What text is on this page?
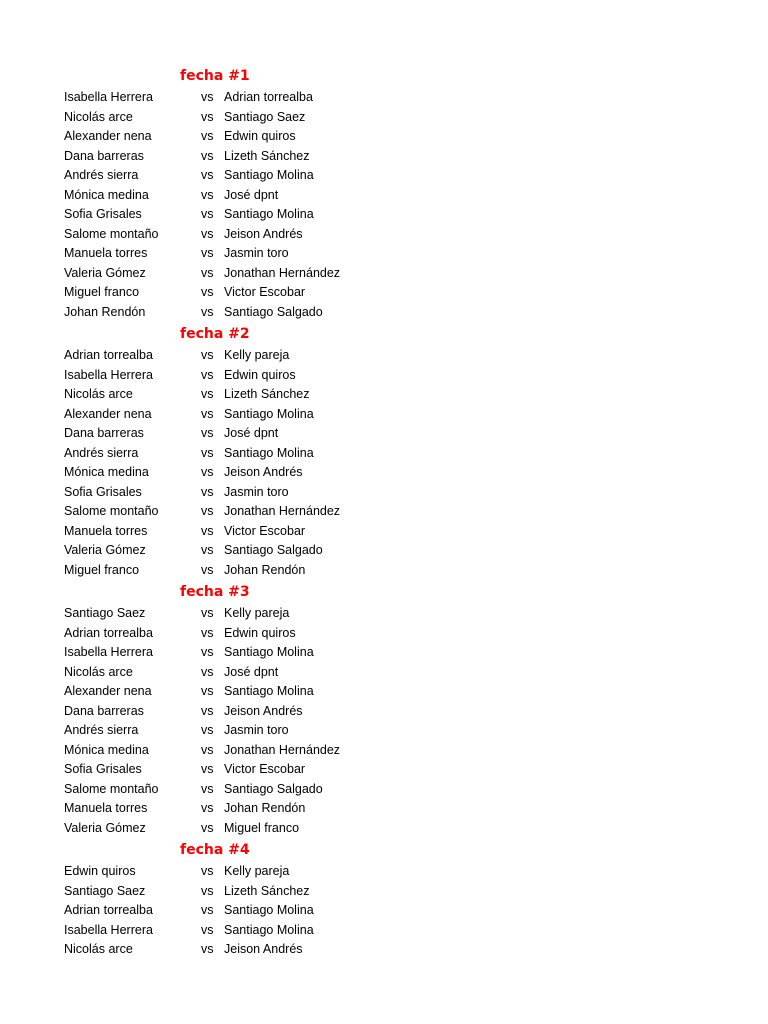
fecha #1
Isabella Herrera	vs Adrian torrealba
Nicolás arce	vs Santiago Saez
Alexander nena	vs Edwin quiros
Dana barreras	vs Lizeth Sánchez
Andrés sierra	vs Santiago Molina
Mónica medina	vs José dpnt
Sofia Grisales	vs Santiago Molina
Salome montaño	vs Jeison Andrés
Manuela torres	vs Jasmin toro
Valeria Gómez	vs Jonathan Hernández
Miguel franco	vs Victor Escobar
Johan Rendón	vs Santiago Salgado
fecha #2
Adrian torrealba	vs Kelly pareja
Isabella Herrera	vs Edwin quiros
Nicolás arce	vs Lizeth Sánchez
Alexander nena	vs Santiago Molina
Dana barreras	vs José dpnt
Andrés sierra	vs Santiago Molina
Mónica medina	vs Jeison Andrés
Sofia Grisales	vs Jasmin toro
Salome montaño	vs Jonathan Hernández
Manuela torres	vs Victor Escobar
Valeria Gómez	vs Santiago Salgado
Miguel franco	vs Johan Rendón
fecha #3
Santiago Saez	vs Kelly pareja
Adrian torrealba	vs Edwin quiros
Isabella Herrera	vs Santiago Molina
Nicolás arce	vs José dpnt
Alexander nena	vs Santiago Molina
Dana barreras	vs Jeison Andrés
Andrés sierra	vs Jasmin toro
Mónica medina	vs Jonathan Hernández
Sofia Grisales	vs Victor Escobar
Salome montaño	vs Santiago Salgado
Manuela torres	vs Johan Rendón
Valeria Gómez	vs Miguel franco
fecha #4
Edwin quiros	vs Kelly pareja
Santiago Saez	vs Lizeth Sánchez
Adrian torrealba	vs Santiago Molina
Isabella Herrera	vs Santiago Molina
Nicolás arce	vs Jeison Andrés
